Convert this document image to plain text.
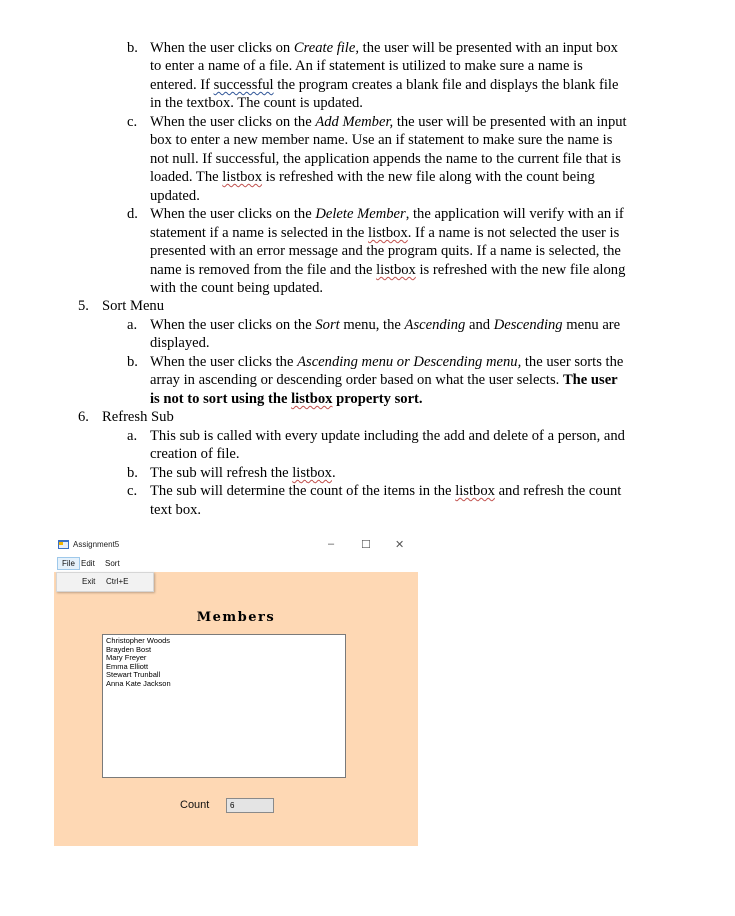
b. When the user clicks on Create file, the user will be presented with an input box
to enter a name of a file. An if statement is utilized to make sure a name is
entered. If successful the program creates a blank file and displays the blank file
in the textbox. The count is updated.
c. When the user clicks on the Add Member, the user will be presented with an input
box to enter a new member name. Use an if statement to make sure the name is
not null. If successful, the application appends the name to the current file that is
loaded. The listbox is refreshed with the new file along with the count being
updated.
d. When the user clicks on the Delete Member, the application will verify with an if
statement if a name is selected in the listbox. If a name is not selected the user is
presented with an error message and the program quits. If a name is selected, the
name is removed from the file and the listbox is refreshed with the new file along
with the count being updated.
5. Sort Menu
a. When the user clicks on the Sort menu, the Ascending and Descending menu are
displayed.
b. When the user clicks the Ascending menu or Descending menu, the user sorts the
array in ascending or descending order based on what the user selects. The user
is not to sort using the listbox property sort.
6. Refresh Sub
a. This sub is called with every update including the add and delete of a person, and
creation of file.
b. The sub will refresh the listbox.
c. The sub will determine the count of the items in the listbox and refresh the count
text box.
Assignment5	– ☐ ✕
Members
Christopher Woods
Brayden Bost
Mary Freyer
Emma Elliott
Stewart Trunball
Anna Kate Jackson
Count	6
File Edit Sort
Exit Ctrl+E
